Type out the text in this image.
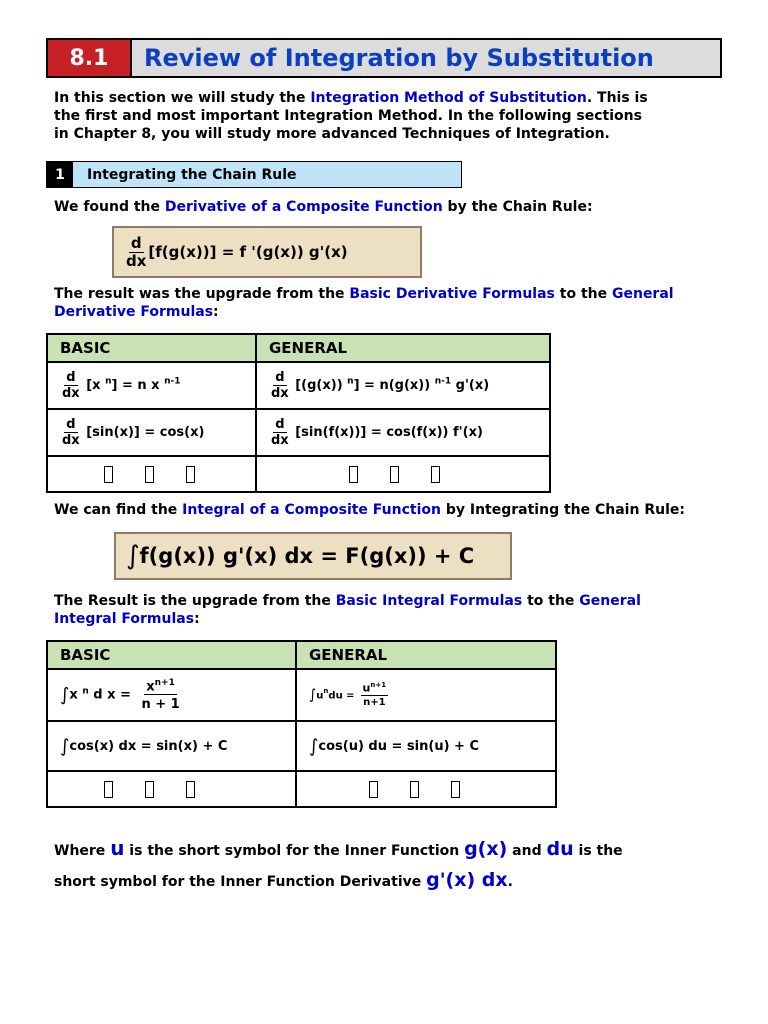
8.1	Review of Integration by Substitution
In this section we will study the Integration Method of Substitution. This is
the first and most important Integration Method. In the following sections
in Chapter 8, you will study more advanced Techniques of Integration.
1	Integrating the Chain Rule
We found the Derivative of a Composite Function by the Chain Rule:
$\frac{d}{dx} [f(g(x))] = f$ '(g(x)) g'(x)
The result was the upgrade from the Basic Derivative Formulas to the General
Derivative Formulas:
BASIC	GENERAL

$\frac{d}{dx} [x$ $^n$] = n x $^{n-1}$	$\frac{d}{dx} [(g(x)) ^n] = n(g(x))$ $^{n-1}$ g'(x)

$\frac{d}{dx} [\sin(x)] = \cos(x)$	$\frac{d}{dx} [\sin(f(x))] = \cos(f(x))$ f'(x)

We can find the Integral of a Composite Function by Integrating the Chain Rule:
∫ f(g(x)) g'(x) dx = F(g(x)) + C
The Result is the upgrade from the Basic Integral Formulas to the General
Integral Formulas:
BASIC	GENERAL
∫x $^n$ d $x = \frac{x^{n+1}}{n + 1}$	$\int u^ndu = \frac{u^{n+1}}{n+1}$

∫cos(x) dx = sin(x) + C	∫cos(u) du = sin(u) + C

Where u is the short symbol for the Inner Function g(x) and du is the
short symbol for the Inner Function Derivative g'(x) dx.
